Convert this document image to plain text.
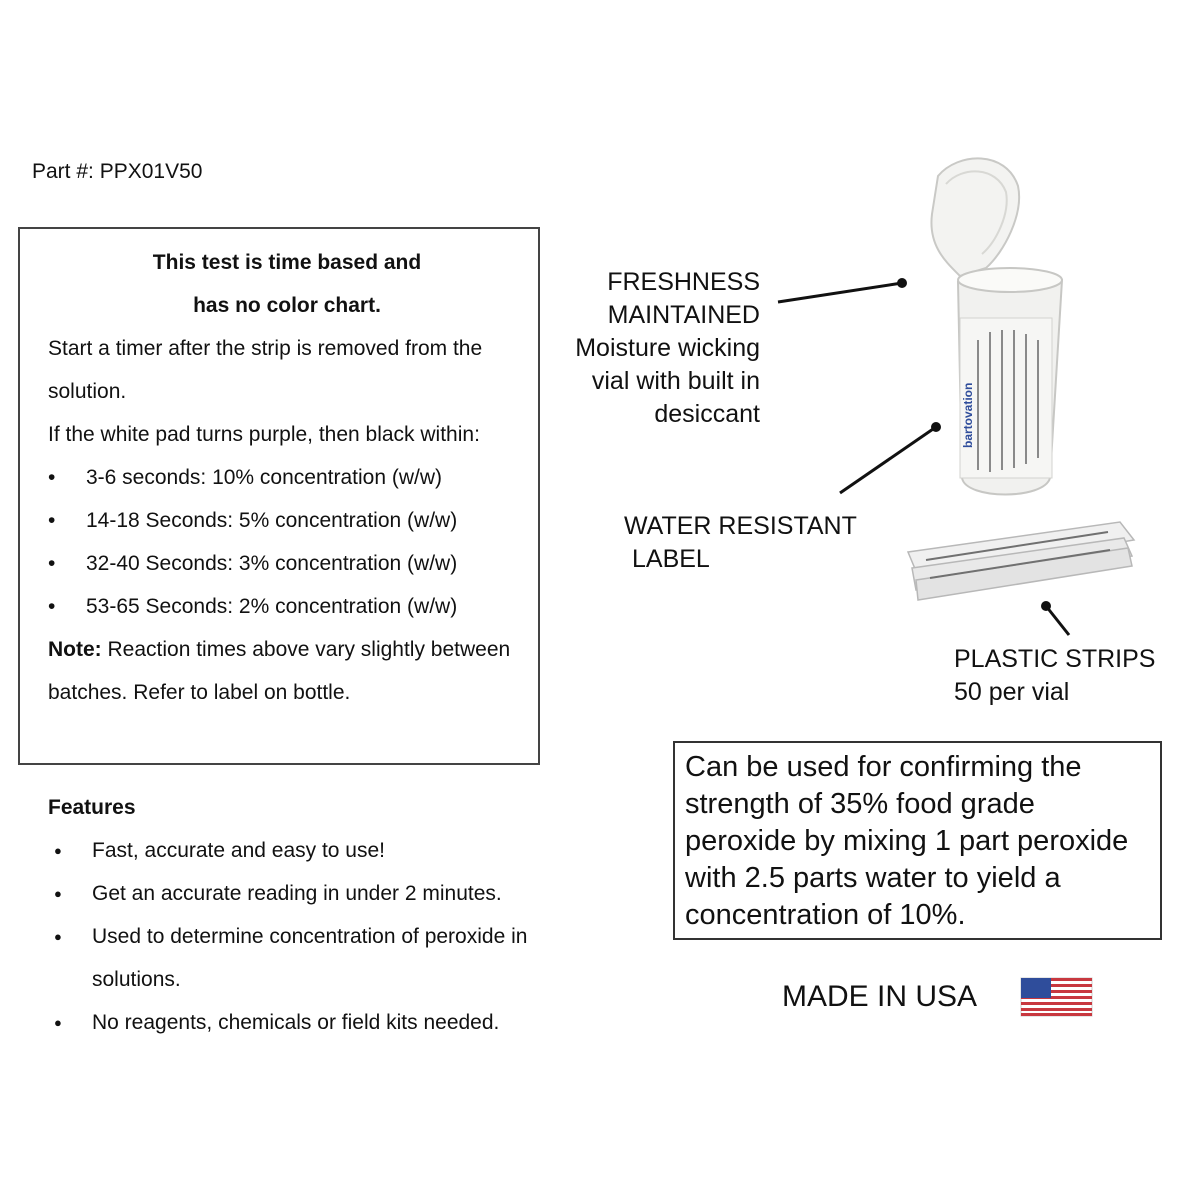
Part #: PPX01V50
This test is time based and
has no color chart.
Start a timer after the strip is removed from the solution.
If the white pad turns purple, then black within:
• 3-6 seconds: 10% concentration (w/w)
• 14-18 Seconds: 5% concentration (w/w)
• 32-40 Seconds: 3% concentration (w/w)
• 53-65 Seconds: 2% concentration (w/w)
Note: Reaction times above vary slightly between batches. Refer to label on bottle.
Features
● Fast, accurate and easy to use!
● Get an accurate reading in under 2 minutes.
● Used to determine concentration of peroxide in solutions.
● No reagents, chemicals or field kits needed.
bartovation
FRESHNESS
MAINTAINED
Moisture wicking
vial with built in
desiccant
WATER RESISTANT
LABEL
PLASTIC STRIPS
50 per vial
Can be used for confirming the strength of 35% food grade peroxide by mixing 1 part peroxide with 2.5 parts water to yield a concentration of 10%.
MADE IN USA
